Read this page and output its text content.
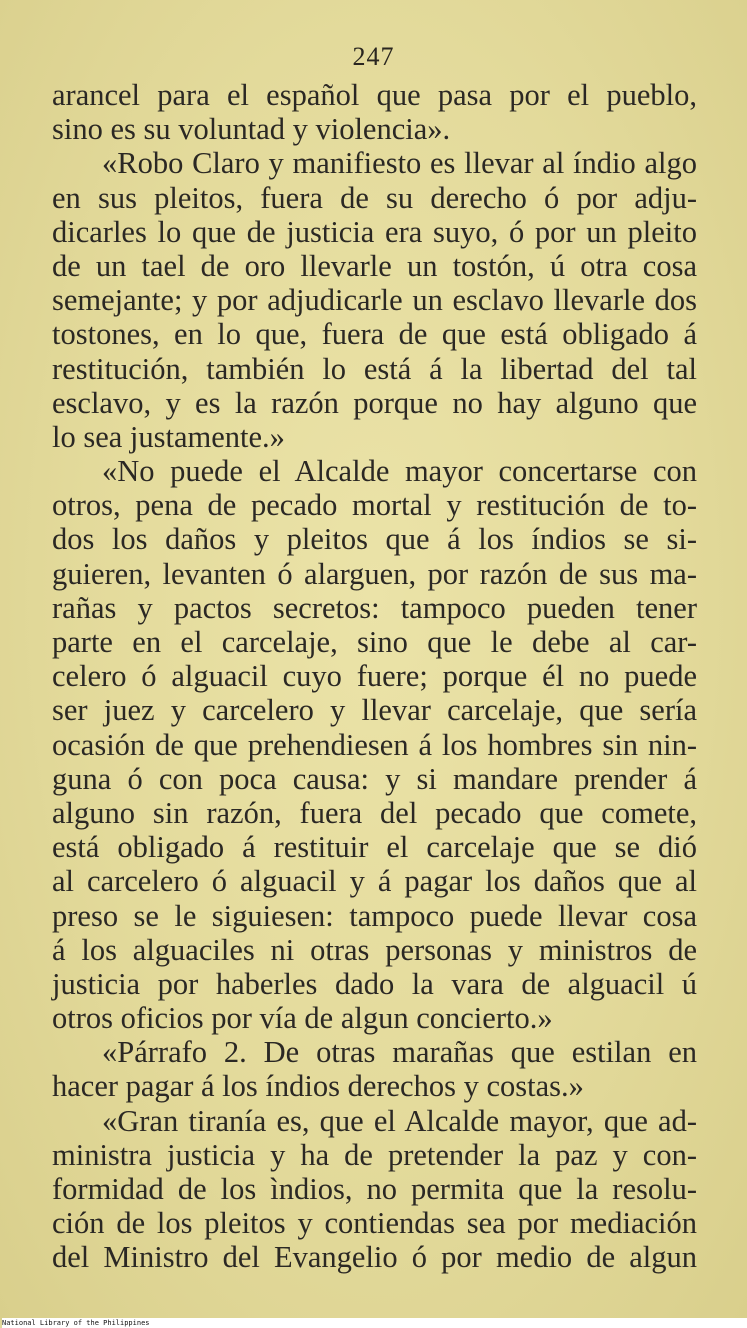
247
arancel para el español que pasa por el pueblo,
sino es su voluntad y violencia».
«Robo Claro y manifiesto es llevar al índio algo
en sus pleitos, fuera de su derecho ó por adju-
dicarles lo que de justicia era suyo, ó por un pleito
de un tael de oro llevarle un tostón, ú otra cosa
semejante; y por adjudicarle un esclavo llevarle dos
tostones, en lo que, fuera de que está obligado á
restitución, también lo está á la libertad del tal
esclavo, y es la razón porque no hay alguno que
lo sea justamente.»
«No puede el Alcalde mayor concertarse con
otros, pena de pecado mortal y restitución de to-
dos los daños y pleitos que á los índios se si-
guieren, levanten ó alarguen, por razón de sus ma-
rañas y pactos secretos: tampoco pueden tener
parte en el carcelaje, sino que le debe al car-
celero ó alguacil cuyo fuere; porque él no puede
ser juez y carcelero y llevar carcelaje, que sería
ocasión de que prehendiesen á los hombres sin nin-
guna ó con poca causa: y si mandare prender á
alguno sin razón, fuera del pecado que comete,
está obligado á restituir el carcelaje que se dió
al carcelero ó alguacil y á pagar los daños que al
preso se le siguiesen: tampoco puede llevar cosa
á los alguaciles ni otras personas y ministros de
justicia por haberles dado la vara de alguacil ú
otros oficios por vía de algun concierto.»
«Párrafo 2. De otras marañas que estilan en
hacer pagar á los índios derechos y costas.»
«Gran tiranía es, que el Alcalde mayor, que ad-
ministra justicia y ha de pretender la paz y con-
formidad de los ìndios, no permita que la resolu-
ción de los pleitos y contiendas sea por mediación
del Ministro del Evangelio ó por medio de algun
National Library of the Philippines
